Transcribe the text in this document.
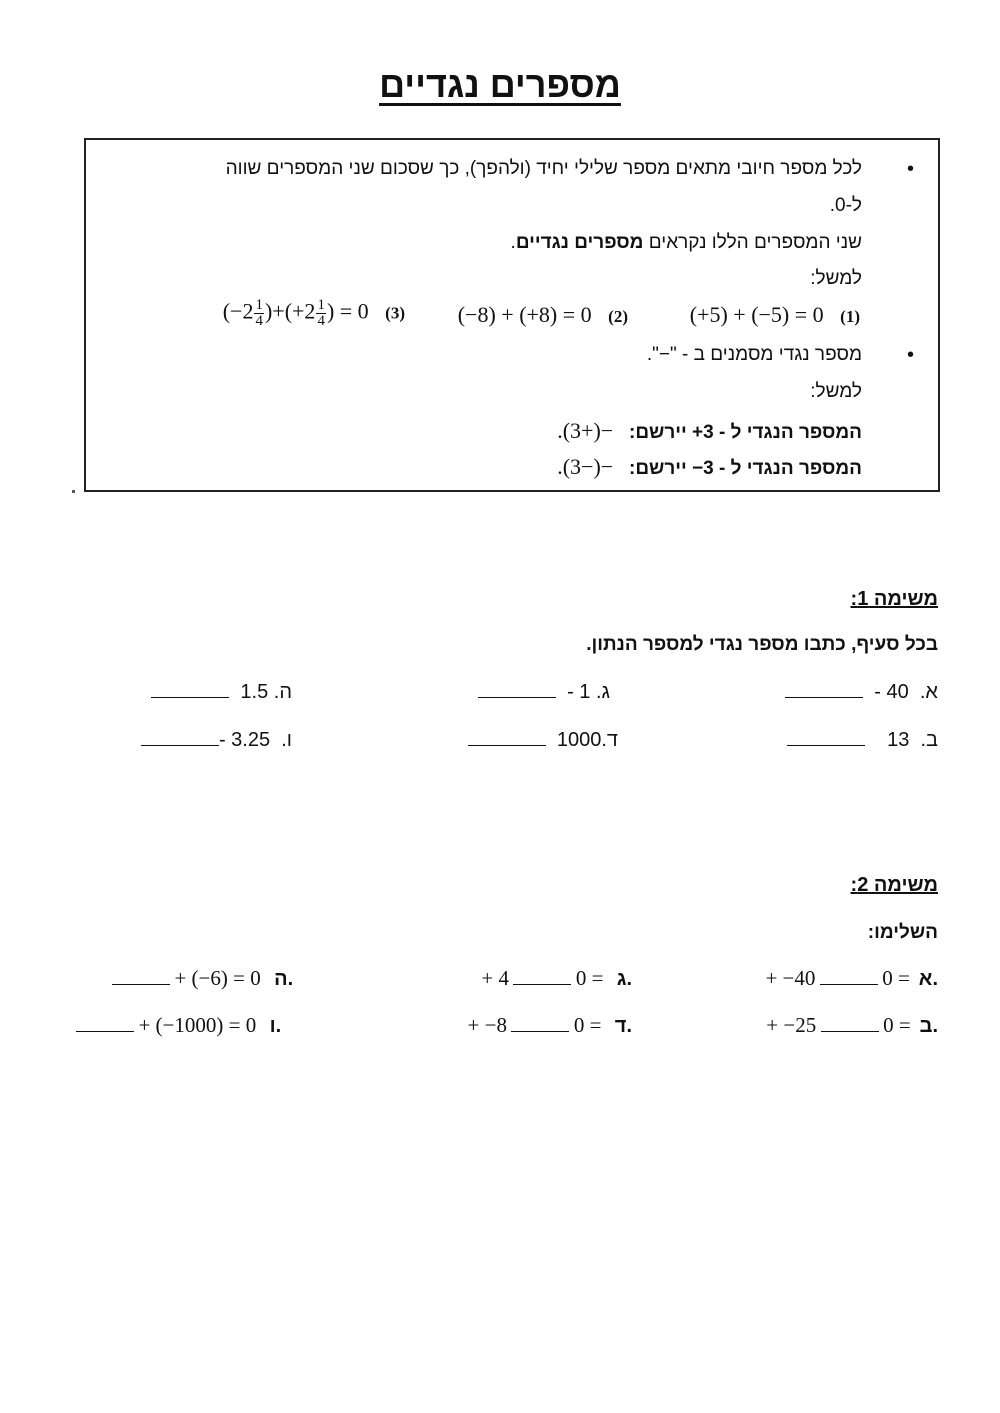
מספרים נגדיים
•
לכל מספר חיובי מתאים מספר שלילי יחיד (ולהפך), כך שסכום שני המספרים שווה
ל-0.
שני המספרים הללו נקראים מספרים נגדיים.
למשל:
(+5) + (−5) = 0 (1)
(−8) + (+8) = 0 (2)
$(-2 \frac{1}{4} )+(+2 \frac{1}{4}$ ) = 0 (3)
•
מספר נגדי מסמנים ב - "−".
למשל:
המספר הנגדי ל - 3+ יירשם:   −(+3).
המספר הנגדי ל - 3− יירשם:   −(−3).
משימה 1:
בכל סעיף, כתבו מספר נגדי למספר הנתון.
א.  40 -
ג. 1 -
ה. 1.5
ב.  13
ד.1000
ו.  3.25 -
משימה 2:
השלימו:
+ −40	0 = א.
+ 4	0 = ג.
+ (−6) = 0 ה.
+ −25	0 = ב.
+ −8	0 = ד.
+ (−1000) = 0 ו.
